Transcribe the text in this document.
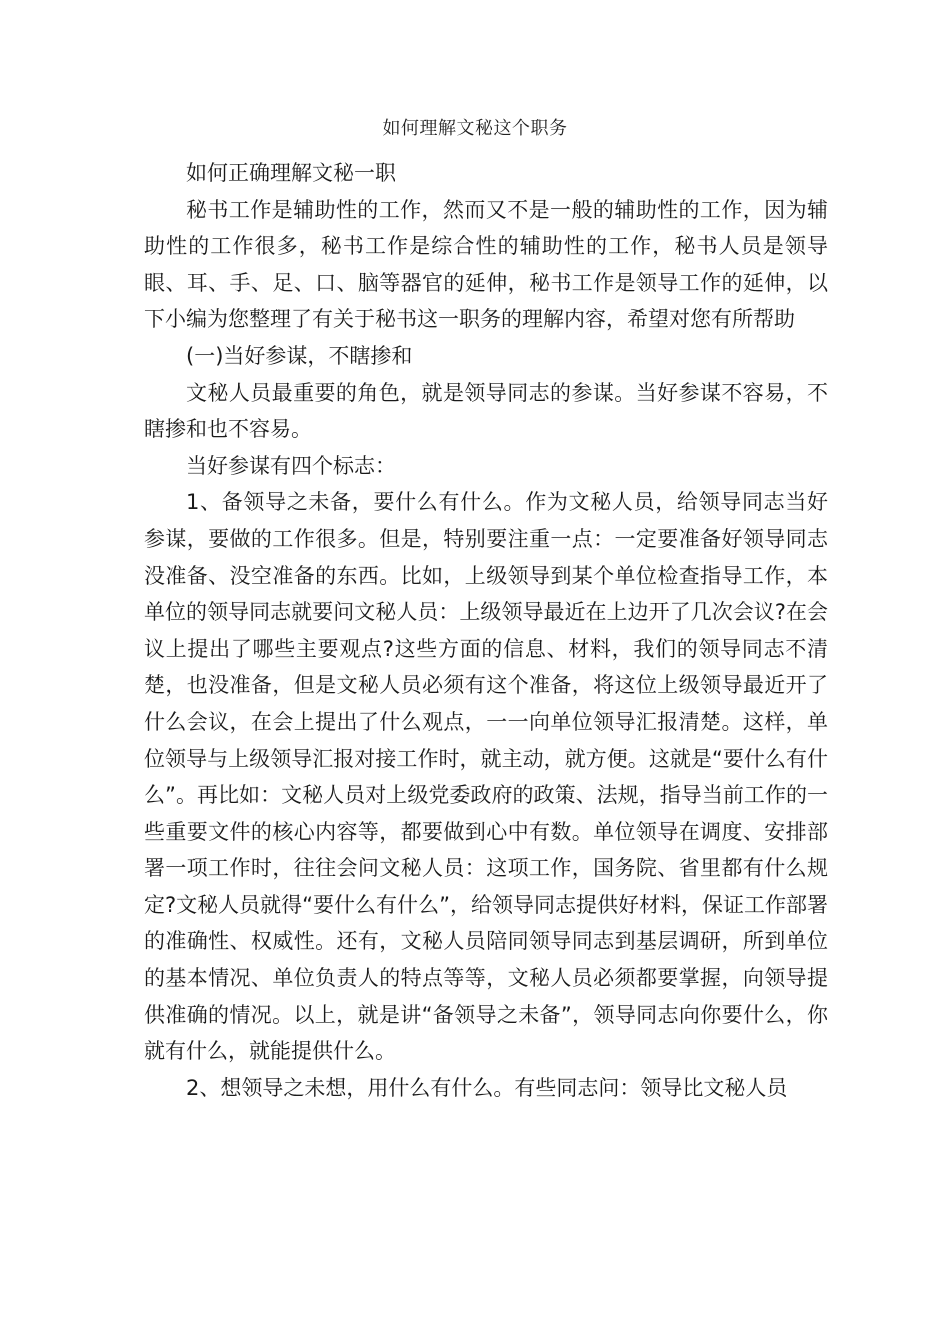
如何理解文秘这个职务

如何正确理解文秘一职

秘书工作是辅助性的工作，然而又不是一般的辅助性的工作，因为辅助性的工作很多，秘书工作是综合性的辅助性的工作，秘书人员是领导眼、耳、手、足、口、脑等器官的延伸，秘书工作是领导工作的延伸，以下小编为您整理了有关于秘书这一职务的理解内容，希望对您有所帮助

(一)当好参谋，不瞎掺和

文秘人员最重要的角色，就是领导同志的参谋。当好参谋不容易，不瞎掺和也不容易。

当好参谋有四个标志：

1、备领导之未备，要什么有什么。作为文秘人员，给领导同志当好参谋，要做的工作很多。但是，特别要注重一点：一定要准备好领导同志没准备、没空准备的东西。比如，上级领导到某个单位检查指导工作，本单位的领导同志就要问文秘人员：上级领导最近在上边开了几次会议?在会议上提出了哪些主要观点?这些方面的信息、材料，我们的领导同志不清楚，也没准备，但是文秘人员必须有这个准备，将这位上级领导最近开了什么会议，在会上提出了什么观点，一一向单位领导汇报清楚。这样，单位领导与上级领导汇报对接工作时，就主动，就方便。这就是“要什么有什么”。再比如：文秘人员对上级党委政府的政策、法规，指导当前工作的一些重要文件的核心内容等，都要做到心中有数。单位领导在调度、安排部署一项工作时，往往会问文秘人员：这项工作，国务院、省里都有什么规定?文秘人员就得“要什么有什么”，给领导同志提供好材料，保证工作部署的准确性、权威性。还有，文秘人员陪同领导同志到基层调研，所到单位的基本情况、单位负责人的特点等等，文秘人员必须都要掌握，向领导提供准确的情况。以上，就是讲“备领导之未备”，领导同志向你要什么，你就有什么，就能提供什么。

2、想领导之未想，用什么有什么。有些同志问：领导比文秘人员
